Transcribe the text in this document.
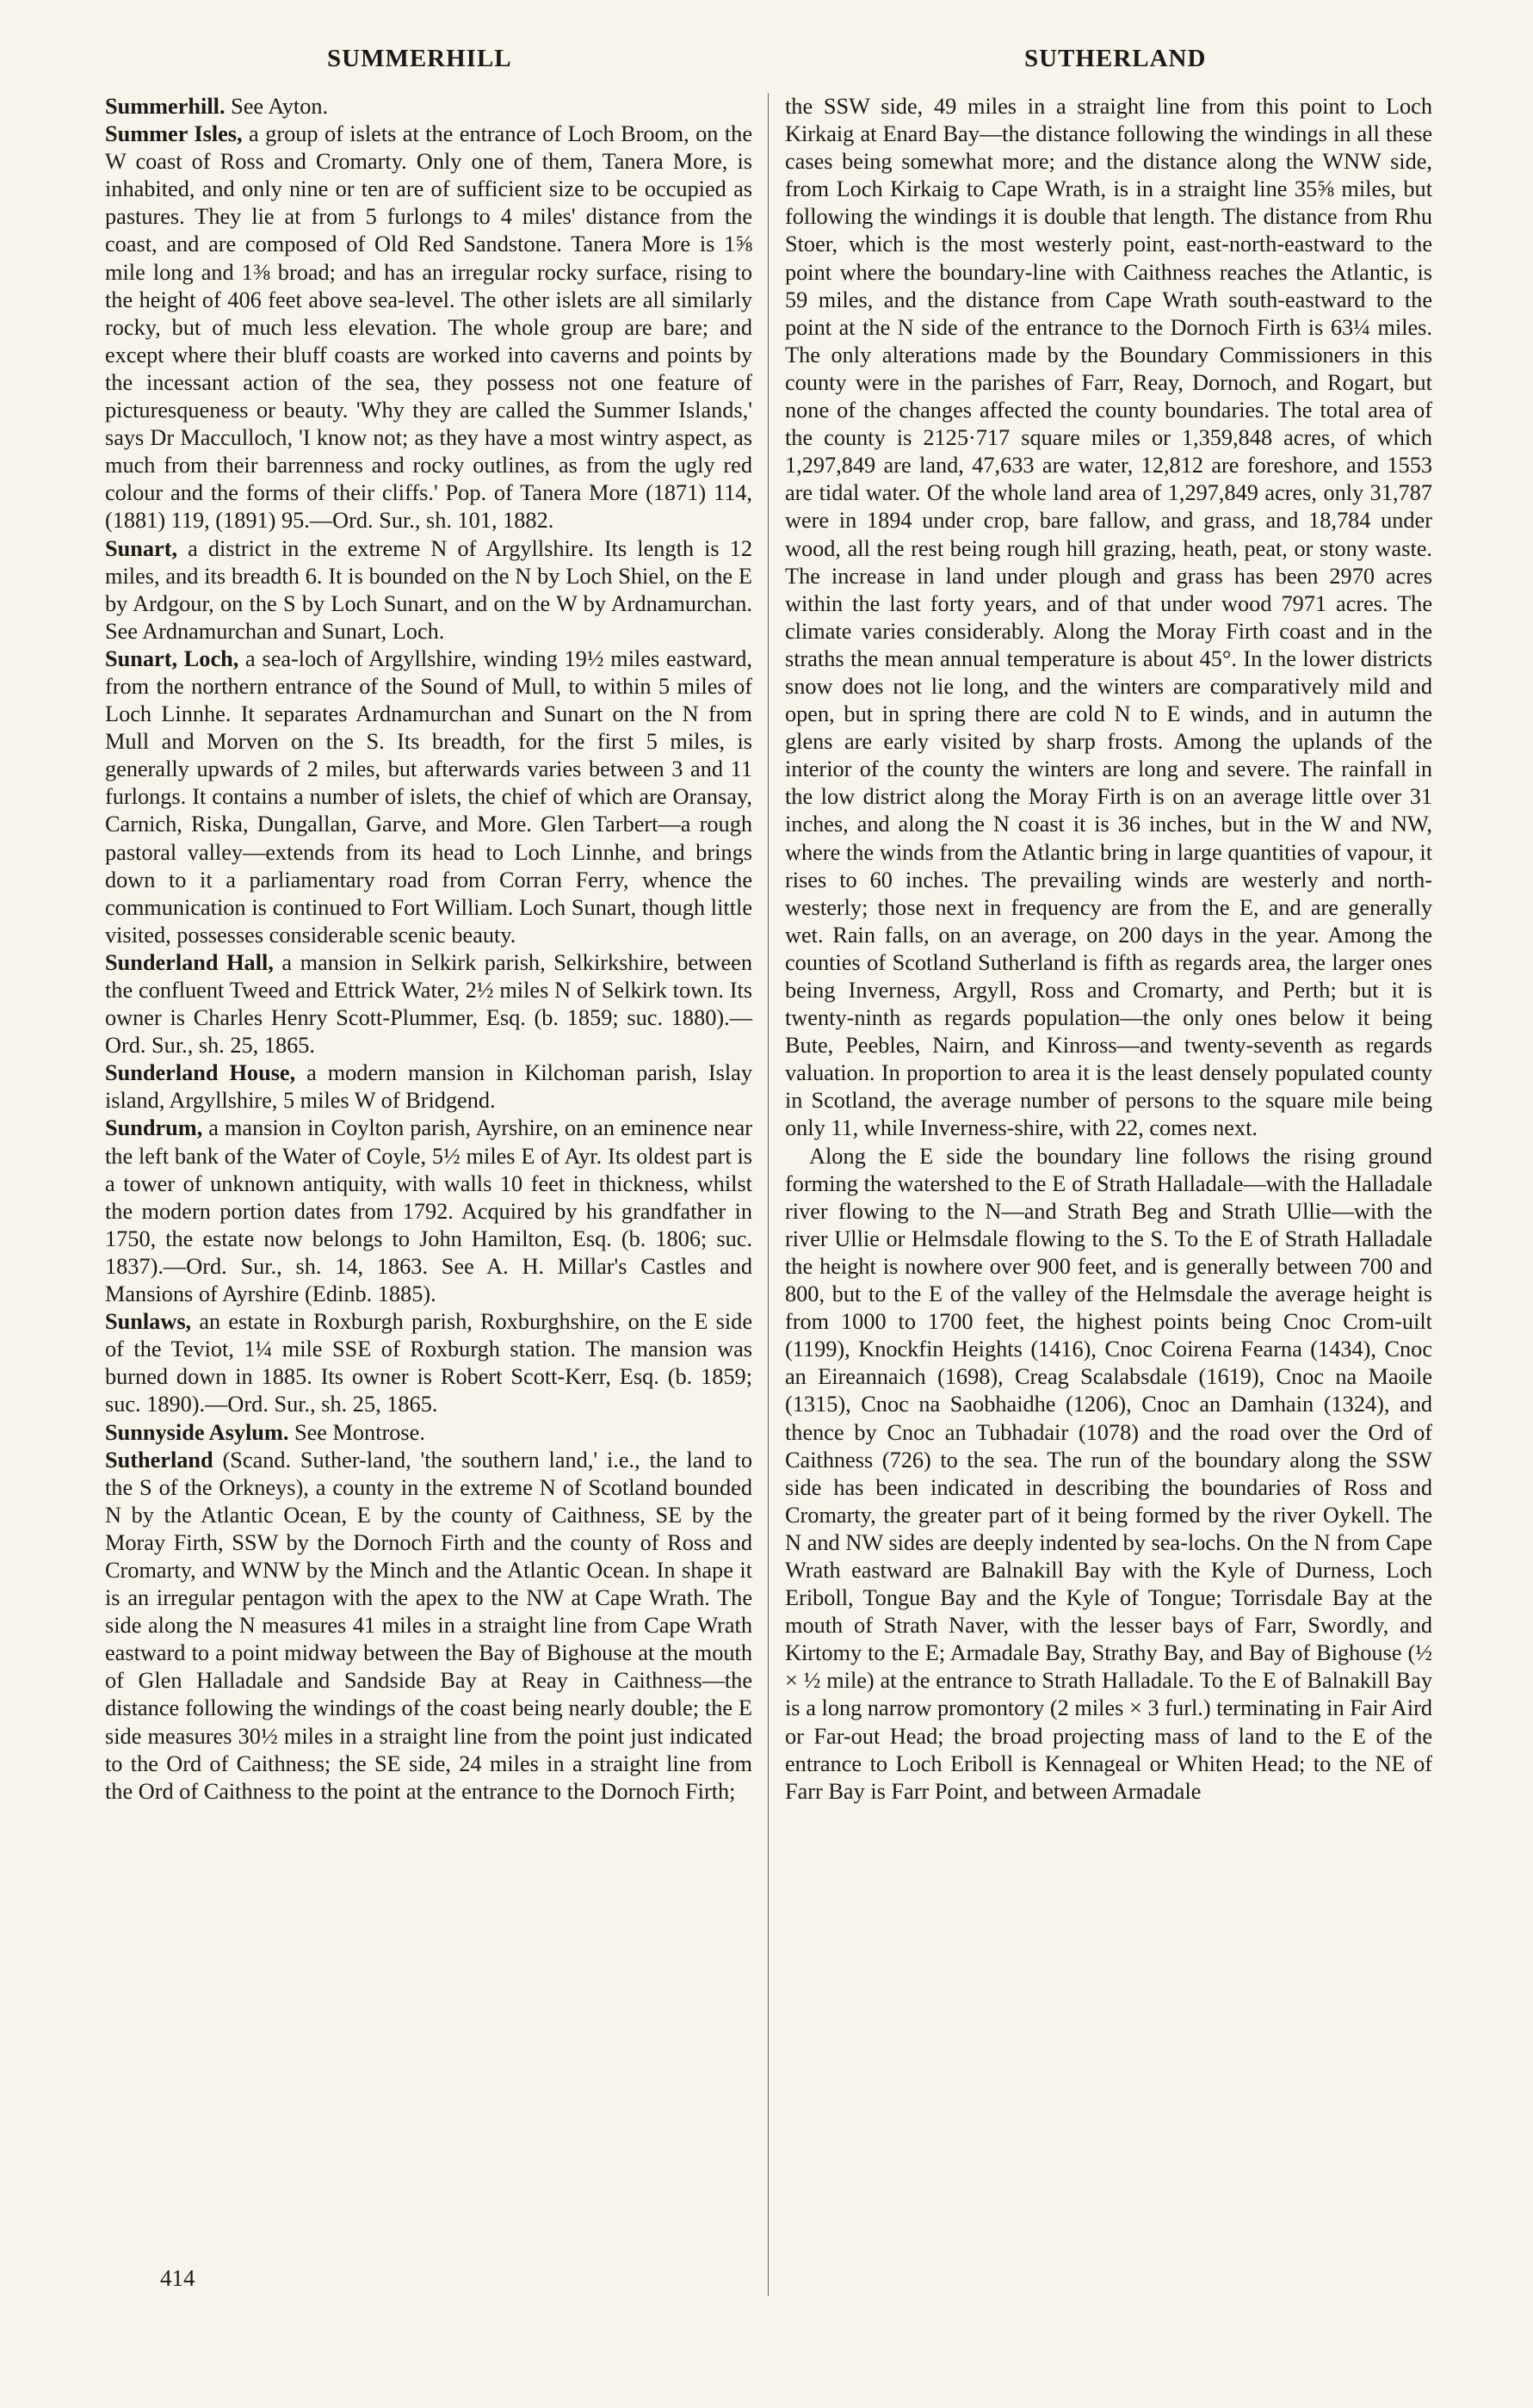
SUMMERHILL	SUTHERLAND

Summerhill. See Ayton.

Summer Isles, a group of islets at the entrance of Loch Broom, on the W coast of Ross and Cromarty. Only one of them, Tanera More, is inhabited, and only nine or ten are of sufficient size to be occupied as pastures. They lie at from 5 furlongs to 4 miles' distance from the coast, and are composed of Old Red Sandstone. Tanera More is 1⅝ mile long and 1⅜ broad; and has an irregular rocky surface, rising to the height of 406 feet above sea-level. The other islets are all similarly rocky, but of much less elevation. The whole group are bare; and except where their bluff coasts are worked into caverns and points by the incessant action of the sea, they possess not one feature of picturesqueness or beauty. 'Why they are called the Summer Islands,' says Dr Macculloch, 'I know not; as they have a most wintry aspect, as much from their barrenness and rocky outlines, as from the ugly red colour and the forms of their cliffs.' Pop. of Tanera More (1871) 114, (1881) 119, (1891) 95.—Ord. Sur., sh. 101, 1882.

Sunart, a district in the extreme N of Argyllshire. Its length is 12 miles, and its breadth 6. It is bounded on the N by Loch Shiel, on the E by Ardgour, on the S by Loch Sunart, and on the W by Ardnamurchan. See Ardnamurchan and Sunart, Loch.

Sunart, Loch, a sea-loch of Argyllshire, winding 19½ miles eastward, from the northern entrance of the Sound of Mull, to within 5 miles of Loch Linnhe. It separates Ardnamurchan and Sunart on the N from Mull and Morven on the S. Its breadth, for the first 5 miles, is generally upwards of 2 miles, but afterwards varies between 3 and 11 furlongs. It contains a number of islets, the chief of which are Oransay, Carnich, Riska, Dungallan, Garve, and More. Glen Tarbert—a rough pastoral valley—extends from its head to Loch Linnhe, and brings down to it a parliamentary road from Corran Ferry, whence the communication is continued to Fort William. Loch Sunart, though little visited, possesses considerable scenic beauty.

Sunderland Hall, a mansion in Selkirk parish, Selkirkshire, between the confluent Tweed and Ettrick Water, 2½ miles N of Selkirk town. Its owner is Charles Henry Scott-Plummer, Esq. (b. 1859; suc. 1880).—Ord. Sur., sh. 25, 1865.

Sunderland House, a modern mansion in Kilchoman parish, Islay island, Argyllshire, 5 miles W of Bridgend.

Sundrum, a mansion in Coylton parish, Ayrshire, on an eminence near the left bank of the Water of Coyle, 5½ miles E of Ayr. Its oldest part is a tower of unknown antiquity, with walls 10 feet in thickness, whilst the modern portion dates from 1792. Acquired by his grandfather in 1750, the estate now belongs to John Hamilton, Esq. (b. 1806; suc. 1837).—Ord. Sur., sh. 14, 1863. See A. H. Millar's Castles and Mansions of Ayrshire (Edinb. 1885).

Sunlaws, an estate in Roxburgh parish, Roxburghshire, on the E side of the Teviot, 1¼ mile SSE of Roxburgh station. The mansion was burned down in 1885. Its owner is Robert Scott-Kerr, Esq. (b. 1859; suc. 1890).—Ord. Sur., sh. 25, 1865.

Sunnyside Asylum. See Montrose.

Sutherland (Scand. Suther-land, 'the southern land,' i.e., the land to the S of the Orkneys), a county in the extreme N of Scotland bounded N by the Atlantic Ocean, E by the county of Caithness, SE by the Moray Firth, SSW by the Dornoch Firth and the county of Ross and Cromarty, and WNW by the Minch and the Atlantic Ocean. In shape it is an irregular pentagon with the apex to the NW at Cape Wrath. The side along the N measures 41 miles in a straight line from Cape Wrath eastward to a point midway between the Bay of Bighouse at the mouth of Glen Halladale and Sandside Bay at Reay in Caithness—the distance following the windings of the coast being nearly double; the E side measures 30½ miles in a straight line from the point just indicated to the Ord of Caithness; the SE side, 24 miles in a straight line from the Ord of Caithness to the point at the entrance to the Dornoch Firth;

the SSW side, 49 miles in a straight line from this point to Loch Kirkaig at Enard Bay—the distance following the windings in all these cases being somewhat more; and the distance along the WNW side, from Loch Kirkaig to Cape Wrath, is in a straight line 35⅝ miles, but following the windings it is double that length. The distance from Rhu Stoer, which is the most westerly point, east-north-eastward to the point where the boundary-line with Caithness reaches the Atlantic, is 59 miles, and the distance from Cape Wrath south-eastward to the point at the N side of the entrance to the Dornoch Firth is 63¼ miles. The only alterations made by the Boundary Commissioners in this county were in the parishes of Farr, Reay, Dornoch, and Rogart, but none of the changes affected the county boundaries. The total area of the county is 2125·717 square miles or 1,359,848 acres, of which 1,297,849 are land, 47,633 are water, 12,812 are foreshore, and 1553 are tidal water. Of the whole land area of 1,297,849 acres, only 31,787 were in 1894 under crop, bare fallow, and grass, and 18,784 under wood, all the rest being rough hill grazing, heath, peat, or stony waste. The increase in land under plough and grass has been 2970 acres within the last forty years, and of that under wood 7971 acres. The climate varies considerably. Along the Moray Firth coast and in the straths the mean annual temperature is about 45°. In the lower districts snow does not lie long, and the winters are comparatively mild and open, but in spring there are cold N to E winds, and in autumn the glens are early visited by sharp frosts. Among the uplands of the interior of the county the winters are long and severe. The rainfall in the low district along the Moray Firth is on an average little over 31 inches, and along the N coast it is 36 inches, but in the W and NW, where the winds from the Atlantic bring in large quantities of vapour, it rises to 60 inches. The prevailing winds are westerly and north-westerly; those next in frequency are from the E, and are generally wet. Rain falls, on an average, on 200 days in the year. Among the counties of Scotland Sutherland is fifth as regards area, the larger ones being Inverness, Argyll, Ross and Cromarty, and Perth; but it is twenty-ninth as regards population—the only ones below it being Bute, Peebles, Nairn, and Kinross—and twenty-seventh as regards valuation. In proportion to area it is the least densely populated county in Scotland, the average number of persons to the square mile being only 11, while Inverness-shire, with 22, comes next.

Along the E side the boundary line follows the rising ground forming the watershed to the E of Strath Halladale—with the Halladale river flowing to the N—and Strath Beg and Strath Ullie—with the river Ullie or Helmsdale flowing to the S. To the E of Strath Halladale the height is nowhere over 900 feet, and is generally between 700 and 800, but to the E of the valley of the Helmsdale the average height is from 1000 to 1700 feet, the highest points being Cnoc Crom-uilt (1199), Knockfin Heights (1416), Cnoc Coirena Fearna (1434), Cnoc an Eireannaich (1698), Creag Scalabsdale (1619), Cnoc na Maoile (1315), Cnoc na Saobhaidhe (1206), Cnoc an Damhain (1324), and thence by Cnoc an Tubhadair (1078) and the road over the Ord of Caithness (726) to the sea. The run of the boundary along the SSW side has been indicated in describing the boundaries of Ross and Cromarty, the greater part of it being formed by the river Oykell. The N and NW sides are deeply indented by sea-lochs. On the N from Cape Wrath eastward are Balnakill Bay with the Kyle of Durness, Loch Eriboll, Tongue Bay and the Kyle of Tongue; Torrisdale Bay at the mouth of Strath Naver, with the lesser bays of Farr, Swordly, and Kirtomy to the E; Armadale Bay, Strathy Bay, and Bay of Bighouse (½ × ½ mile) at the entrance to Strath Halladale. To the E of Balnakill Bay is a long narrow promontory (2 miles × 3 furl.) terminating in Fair Aird or Far-out Head; the broad projecting mass of land to the E of the entrance to Loch Eriboll is Kennageal or Whiten Head; to the NE of Farr Bay is Farr Point, and between Armadale

414
